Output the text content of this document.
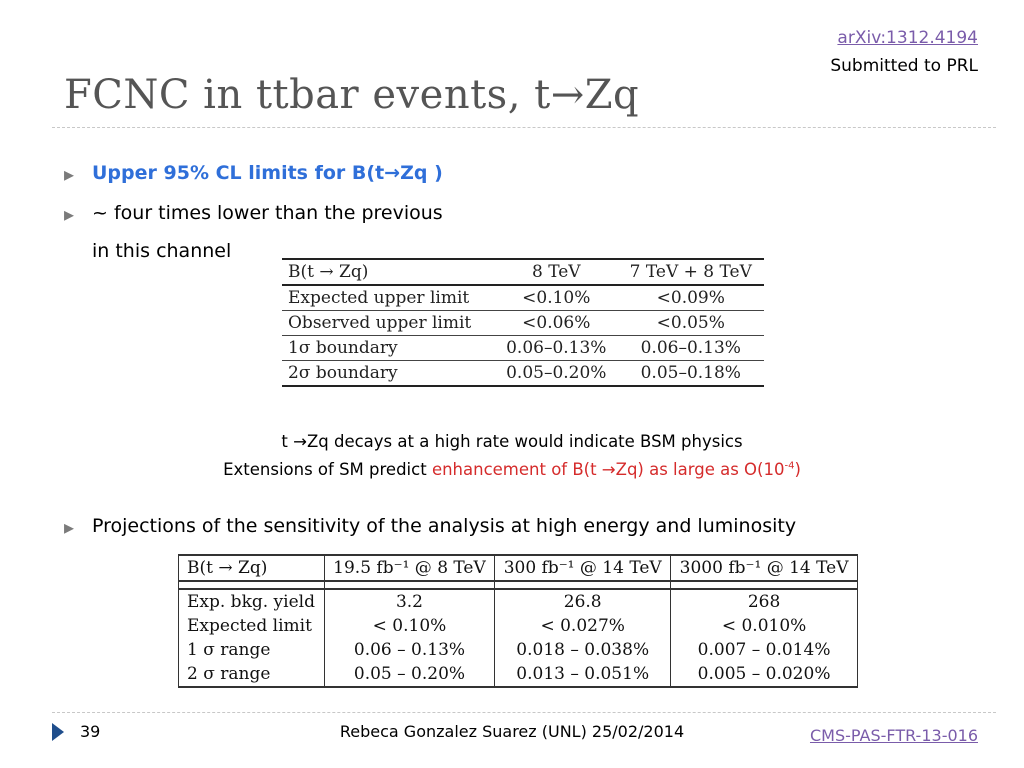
arXiv:1312.4194
Submitted to PRL
FCNC in ttbar events, t→Zq
▸ Upper 95% CL limits for B(t→Zq )
▸ ~ four times lower than the previous
in this channel
B(t → Zq)	8 TeV	7 TeV + 8 TeV
Expected upper limit	<0.10%	<0.09%
Observed upper limit	<0.06%	<0.05%
1σ boundary	0.06–0.13%	0.06–0.13%
2σ boundary	0.05–0.20%	0.05–0.18%
t →Zq decays at a high rate would indicate BSM physics
Extensions of SM predict enhancement of B(t →Zq) as large as $O(10^{-4})$
▸ Projections of the sensitivity of the analysis at high energy and luminosity
B(t → Zq)	19.5 fb⁻¹ @ 8 TeV	300 fb⁻¹ @ 14 TeV	3000 fb⁻¹ @ 14 TeV

Exp. bkg. yield	3.2	26.8	268
Expected limit	< 0.10%	< 0.027%	< 0.010%
1 σ range	0.06 – 0.13%	0.018 – 0.038%	0.007 – 0.014%
2 σ range	0.05 – 0.20%	0.013 – 0.051%	0.005 – 0.020%
39	Rebeca Gonzalez Suarez (UNL) 25/02/2014	CMS-PAS-FTR-13-016
